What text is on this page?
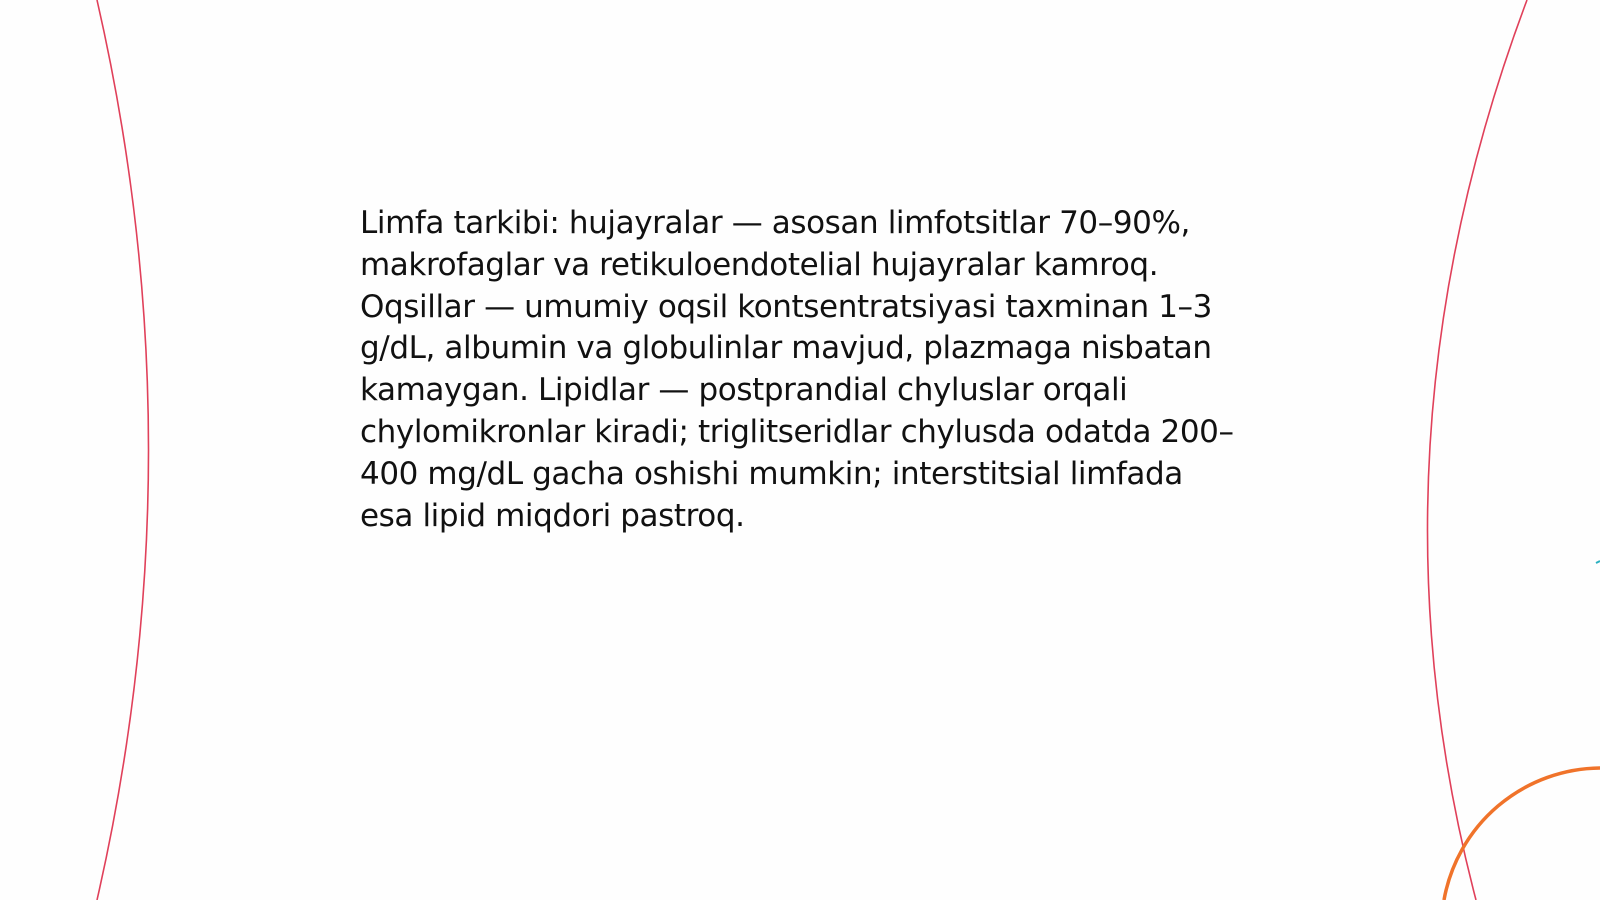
Limfa tarkibi: hujayralar — asosan limfotsitlar 70–90%, makrofaglar va retikuloendotelial hujayralar kamroq. Oqsillar — umumiy oqsil kontsentratsiyasi taxminan 1–3 g/dL, albumin va globulinlar mavjud, plazmaga nisbatan kamaygan. Lipidlar — postprandial chyluslar orqali chylomikronlar kiradi; triglitseridlar chylusda odatda 200–400 mg/dL gacha oshishi mumkin; interstitsial limfada esa lipid miqdori pastroq.
